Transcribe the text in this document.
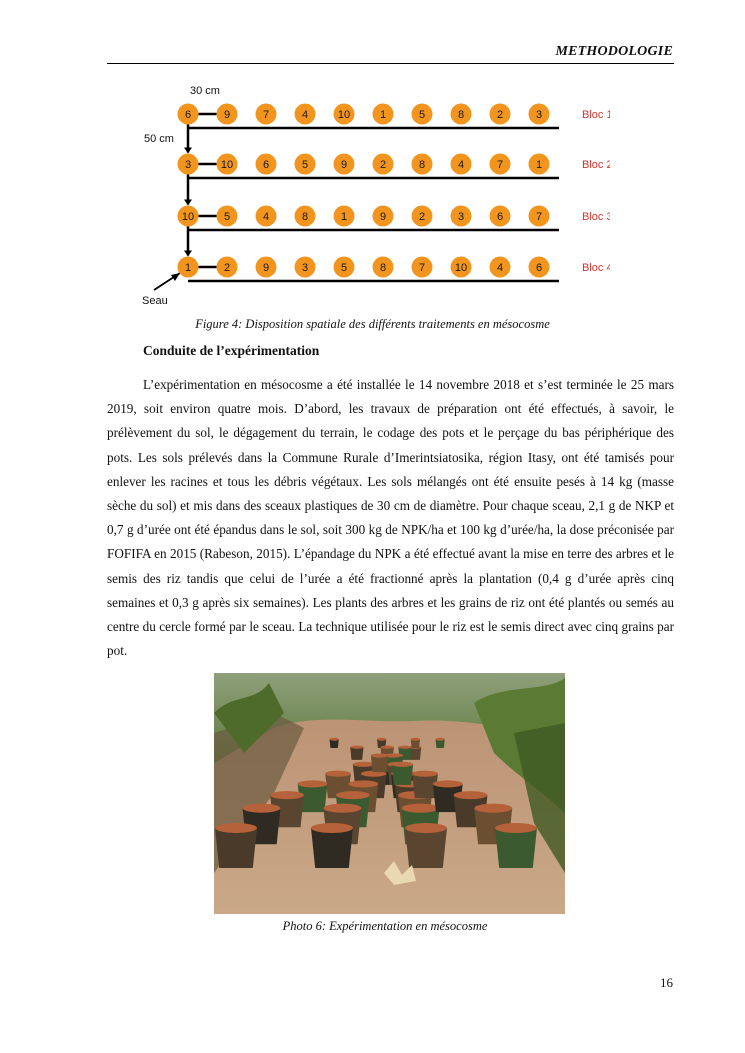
METHODOLOGIE
30 cm
50 cm
Seau
6	9	7	4	10	1	5	8	2	3
3	10	6	5	9	2	8	4	7	1
10	5	4	8	1	9	2	3	6	7
1	2	9	3	5	8	7	10	4	6
Bloc 1
Bloc 2
Bloc 3
Bloc 4
Figure 4: Disposition spatiale des différents traitements en mésocosme
Conduite de l’expérimentation

L’expérimentation en mésocosme a été installée le 14 novembre 2018 et s’est terminée le 25 mars 2019, soit environ quatre mois. D’abord, les travaux de préparation ont été effectués, à savoir, le prélèvement du sol, le dégagement du terrain, le codage des pots et le perçage du bas périphérique des pots. Les sols prélevés dans la Commune Rurale d’Imerintsiatosika, région Itasy, ont été tamisés pour enlever les racines et tous les débris végétaux. Les sols mélangés ont été ensuite pesés à 14 kg (masse sèche du sol) et mis dans des sceaux plastiques de 30 cm de diamètre. Pour chaque sceau, 2,1 g de NKP et 0,7 g d’urée ont été épandus dans le sol, soit 300 kg de NPK/ha et 100 kg d’urée/ha, la dose préconisée par FOFIFA en 2015 (Rabeson, 2015). L’épandage du NPK a été effectué avant la mise en terre des arbres et le semis des riz tandis que celui de l’urée a été fractionné après la plantation (0,4 g d’urée après cinq semaines et 0,3 g après six semaines). Les plants des arbres et les grains de riz ont été plantés ou semés au centre du cercle formé par le sceau. La technique utilisée pour le riz est le semis direct avec cinq grains par pot.

Photo 6: Expérimentation en mésocosme
16
